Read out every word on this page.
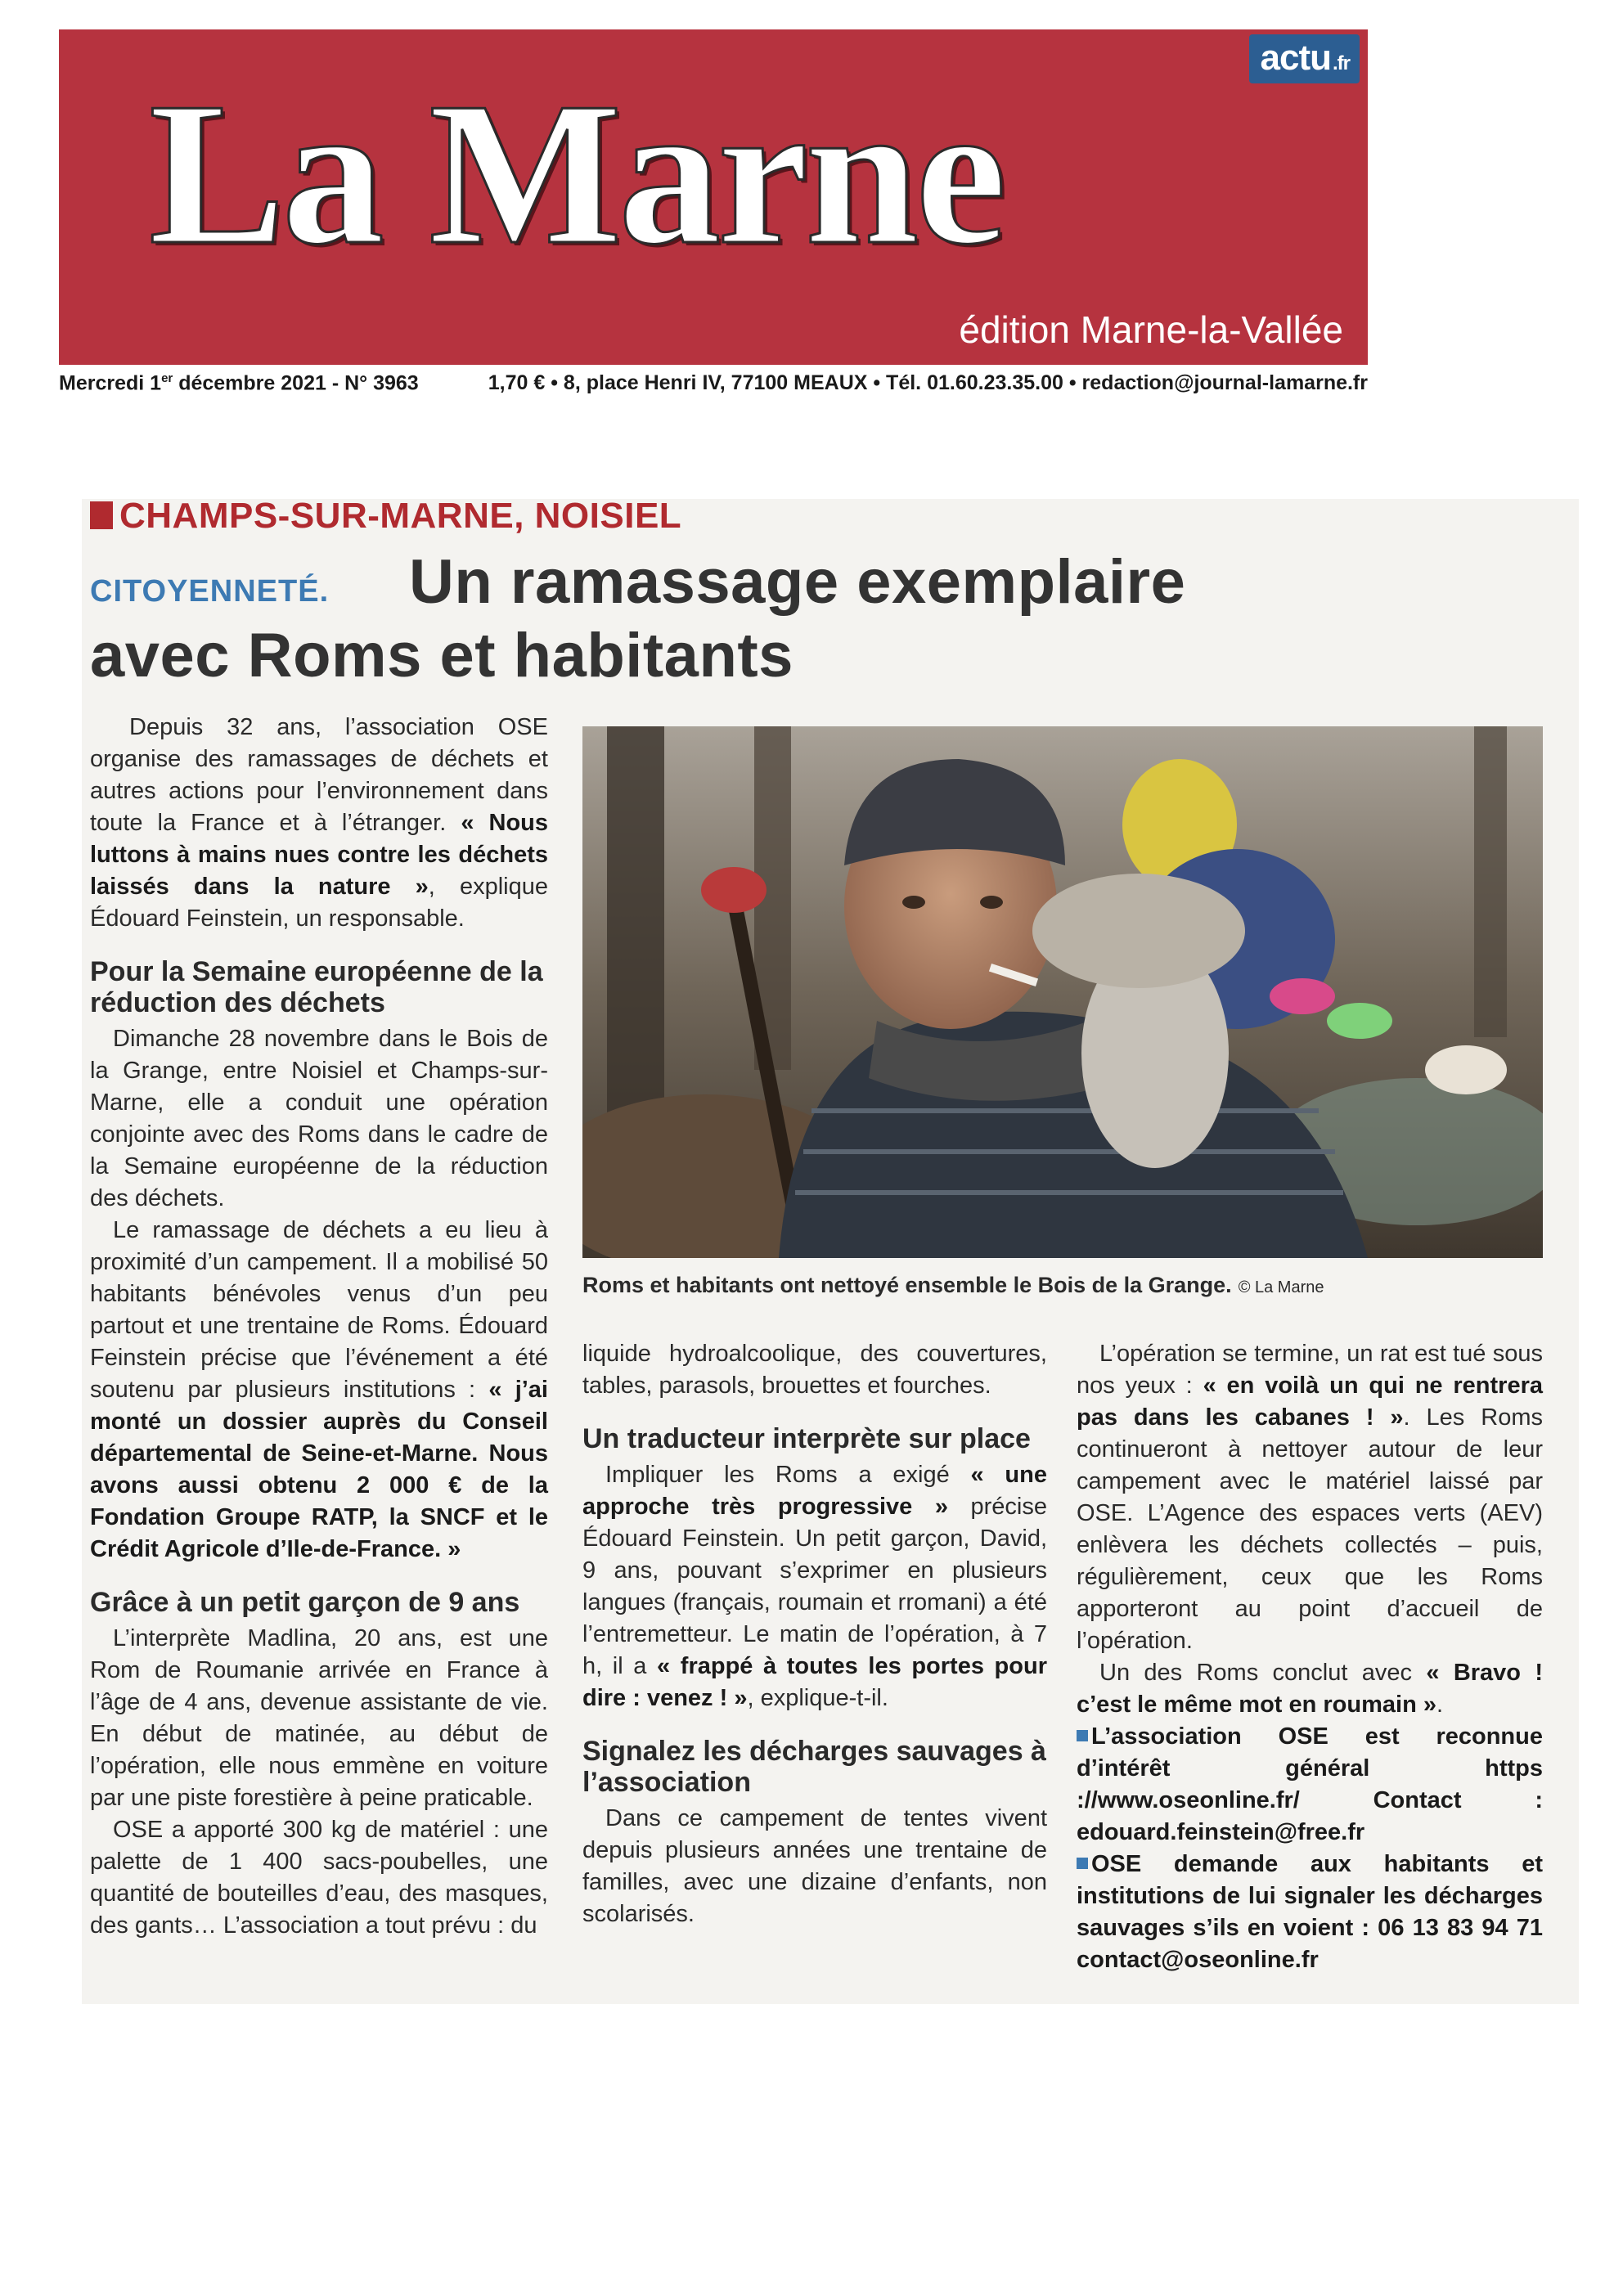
actu.fr
La Marne
édition Marne-la-Vallée
Mercredi 1er décembre 2021 - N° 3963	1,70 € • 8, place Henri IV, 77100 MEAUX • Tél. 01.60.23.35.00 • redaction@journal-lamarne.fr
CHAMPS-SUR-MARNE, NOISIEL
CITOYENNETÉ. Un ramassage exemplaire
avec Roms et habitants

Depuis 32 ans, l’association OSE organise des ramassages de déchets et autres actions pour l’environnement dans toute la France et à l’étranger. « Nous luttons à mains nues contre les déchets laissés dans la nature », explique Édouard Feinstein, un responsable.

Pour la Semaine européenne de la réduction des déchets

Dimanche 28 novembre dans le Bois de la Grange, entre Noisiel et Champs-sur-Marne, elle a conduit une opération conjointe avec des Roms dans le cadre de la Semaine européenne de la réduction des déchets.

Le ramassage de déchets a eu lieu à proximité d’un campement. Il a mobilisé 50 habitants bénévoles venus d’un peu partout et une trentaine de Roms. Édouard Feinstein précise que l’événement a été soutenu par plusieurs institutions : « j’ai monté un dossier auprès du Conseil départemental de Seine-et-Marne. Nous avons aussi obtenu 2 000 € de la Fondation Groupe RATP, la SNCF et le Crédit Agricole d’Ile-de-France. »

Grâce à un petit garçon de 9 ans

L’interprète Madlina, 20 ans, est une Rom de Roumanie arrivée en France à l’âge de 4 ans, devenue assistante de vie. En début de matinée, au début de l’opération, elle nous emmène en voiture par une piste forestière à peine praticable.

OSE a apporté 300 kg de matériel : une palette de 1 400 sacs-poubelles, une quantité de bouteilles d’eau, des masques, des gants… L’association a tout prévu : du

Roms et habitants ont nettoyé ensemble le Bois de la Grange. © La Marne

liquide hydroalcoolique, des couvertures, tables, parasols, brouettes et fourches.

Un traducteur interprète sur place

Impliquer les Roms a exigé « une approche très progressive » précise Édouard Feinstein. Un petit garçon, David, 9 ans, pouvant s’exprimer en plusieurs langues (français, roumain et rromani) a été l’entremetteur. Le matin de l’opération, à 7 h, il a « frappé à toutes les portes pour dire : venez ! », explique-t-il.

Signalez les décharges sauvages à l’association

Dans ce campement de tentes vivent depuis plusieurs années une trentaine de familles, avec une dizaine d’enfants, non scolarisés.

L’opération se termine, un rat est tué sous nos yeux : « en voilà un qui ne rentrera pas dans les cabanes ! ». Les Roms continueront à nettoyer autour de leur campement avec le matériel laissé par OSE. L’Agence des espaces verts (AEV) enlèvera les déchets collectés – puis, régulièrement, ceux que les Roms apporteront au point d’accueil de l’opération.

Un des Roms conclut avec « Bravo ! c’est le même mot en roumain ».

L’association OSE est reconnue d’intérêt général https ://www.oseonline.fr/ Contact : edouard.feinstein@free.fr

OSE demande aux habitants et institutions de lui signaler les décharges sauvages s’ils en voient : 06 13 83 94 71 contact@oseonline.fr
